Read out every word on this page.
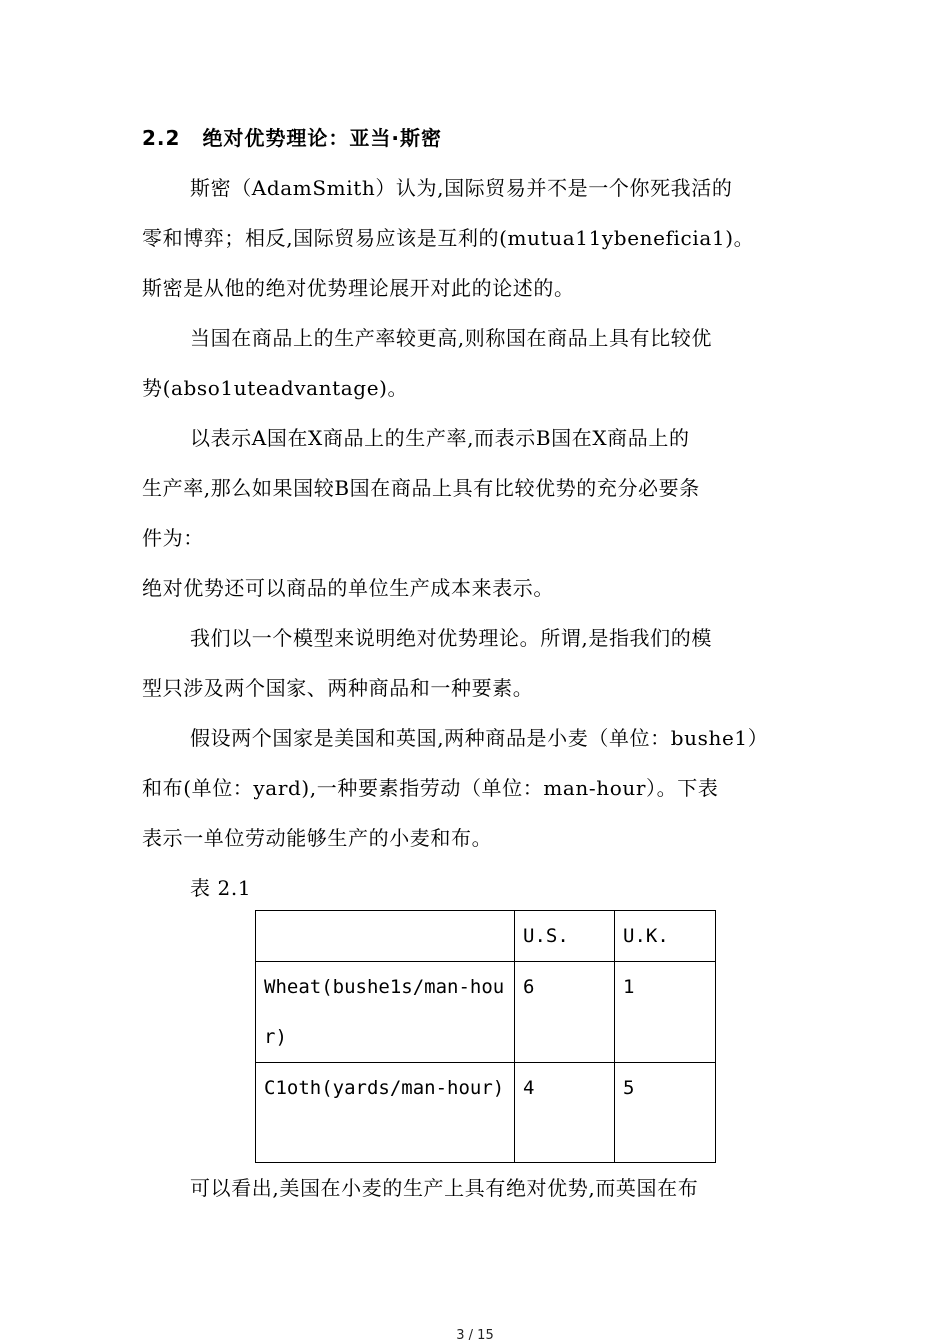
2.2 绝对优势理论：亚当·斯密
斯密（AdamSmith）认为,国际贸易并不是一个你死我活的
零和博弈；相反,国际贸易应该是互利的(mutua11ybeneficia1)。
斯密是从他的绝对优势理论展开对此的论述的。
当国在商品上的生产率较更高,则称国在商品上具有比较优
势(abso1uteadvantage)。
以表示A国在X商品上的生产率,而表示B国在X商品上的
生产率,那么如果国较B国在商品上具有比较优势的充分必要条
件为：
绝对优势还可以商品的单位生产成本来表示。
我们以一个模型来说明绝对优势理论。所谓,是指我们的模
型只涉及两个国家、两种商品和一种要素。
假设两个国家是美国和英国,两种商品是小麦（单位：bushe1）
和布(单位：yard),一种要素指劳动（单位：man-hour）。下表
表示一单位劳动能够生产的小麦和布。
表 2.1

	U.S.	U.K.

Wheat(bushe1s/man-hour)	6	1

C1oth(yards/man-hour)	4	5
可以看出,美国在小麦的生产上具有绝对优势,而英国在布
3 / 15
